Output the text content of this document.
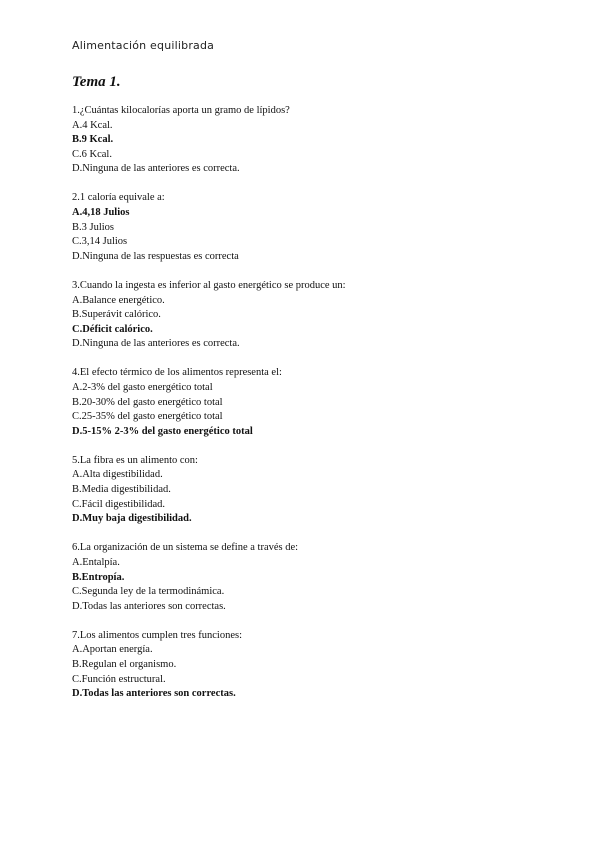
Alimentación equilibrada
Tema 1.
1.¿Cuántas kilocalorías aporta un gramo de lípidos?
A.4 Kcal.
B.9 Kcal.
C.6 Kcal.
D.Ninguna de las anteriores es correcta.
2.1 caloría equivale a:
A.4,18 Julios
B.3 Julios
C.3,14 Julios
D.Ninguna de las respuestas es correcta
3.Cuando la ingesta es inferior al gasto energético se produce un:
A.Balance energético.
B.Superávit calórico.
C.Déficit calórico.
D.Ninguna de las anteriores es correcta.
4.El efecto térmico de los alimentos representa el:
A.2-3% del gasto energético total
B.20-30% del gasto energético total
C.25-35% del gasto energético total
D.5-15% 2-3% del gasto energético total
5.La fibra es un alimento con:
A.Alta digestibilidad.
B.Media digestibilidad.
C.Fácil digestibilidad.
D.Muy baja digestibilidad.
6.La organización de un sistema se define a través de:
A.Entalpía.
B.Entropía.
C.Segunda ley de la termodinámica.
D.Todas las anteriores son correctas.
7.Los alimentos cumplen tres funciones:
A.Aportan energía.
B.Regulan el organismo.
C.Función estructural.
D.Todas las anteriores son correctas.
